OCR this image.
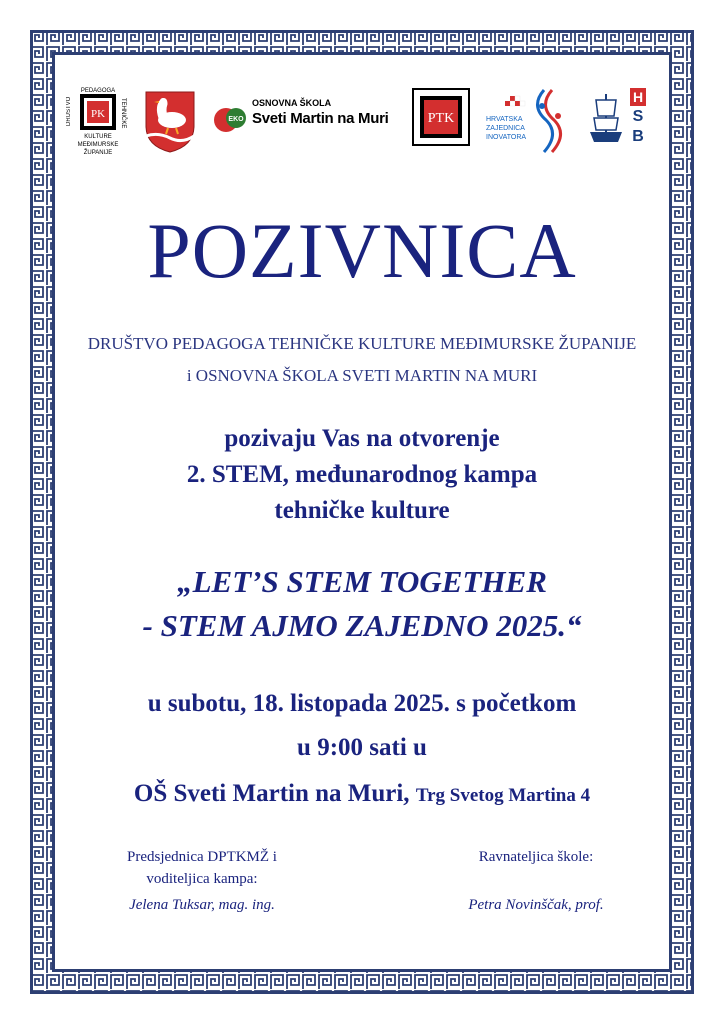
PK
DRUŠTVO
PEDAGOGA
TEHNIČKE
KULTURE
MEĐIMURSKE
ŽUPANIJE
EKO
OSNOVNA ŠKOLA
Sveti Martin na Muri	PTK	HRVATSKA
ZAJEDNICA
INOVATORA
H
S
B
POZIVNICA
DRUŠTVO PEDAGOGA TEHNIČKE KULTURE MEĐIMURSKE ŽUPANIJE
i OSNOVNA ŠKOLA SVETI MARTIN NA MURI
pozivaju Vas na otvorenje
2. STEM, međunarodnog kampa
tehničke kulture
„LET’S STEM TOGETHER
- STEM AJMO ZAJEDNO 2025.“
u subotu, 18. listopada 2025. s početkom
u 9:00 sati u
OŠ Sveti Martin na Muri, Trg Svetog Martina 4
Predsjednica DPTKMŽ i
voditeljica kampa:
Jelena Tuksar, mag. ing.
Ravnateljica škole:
Petra Novinščak, prof.
